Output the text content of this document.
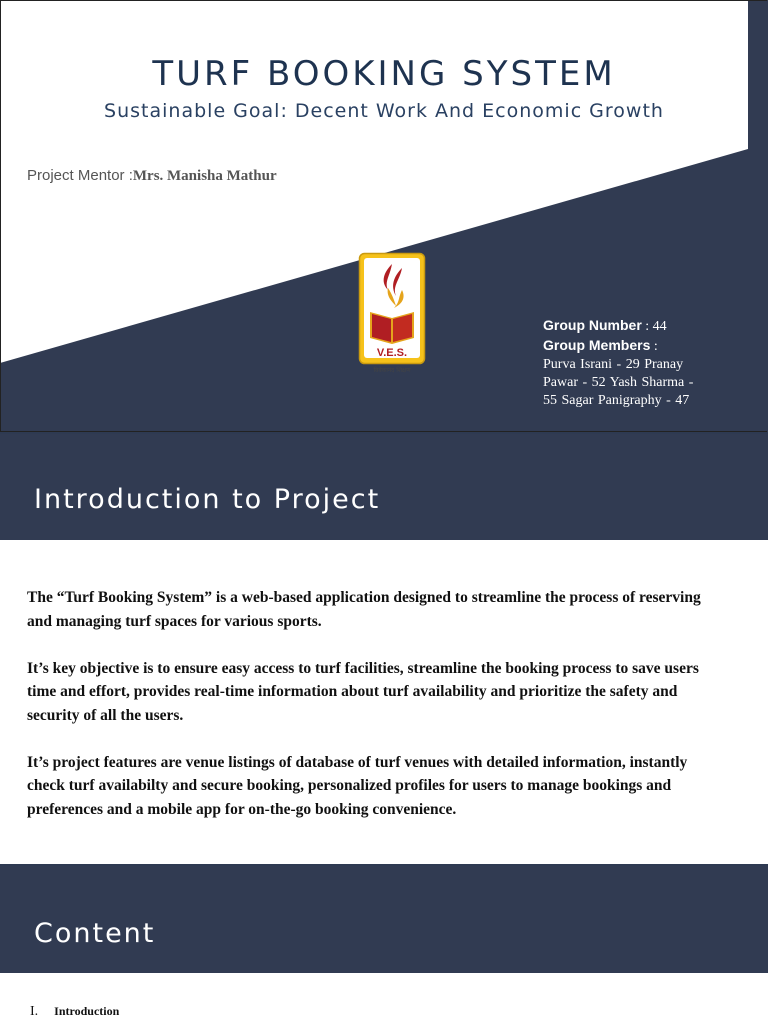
TURF BOOKING SYSTEM
Sustainable Goal: Decent Work And Economic Growth
Project Mentor :Mrs. Manisha Mathur
V.E.S.
विवेकानंद शिक्षण
Group Number : 44
Group Members :
Purva Israni - 29 Pranay Pawar - 52 Yash Sharma - 55 Sagar Panigraphy - 47
Introduction to Project

The “Turf Booking System” is a web-based application designed to streamline the process of reserving and managing turf spaces for various sports.

It’s key objective is to ensure easy access to turf facilities, streamline the booking process to save users time and effort, provides real-time information about turf availability and prioritize the safety and security of all the users.

It’s project features are venue listings of database of turf venues with detailed information, instantly check turf availabilty and secure booking, personalized profiles for users to manage bookings and preferences and a mobile app for on-the-go booking convenience.

Content
I. Introduction
